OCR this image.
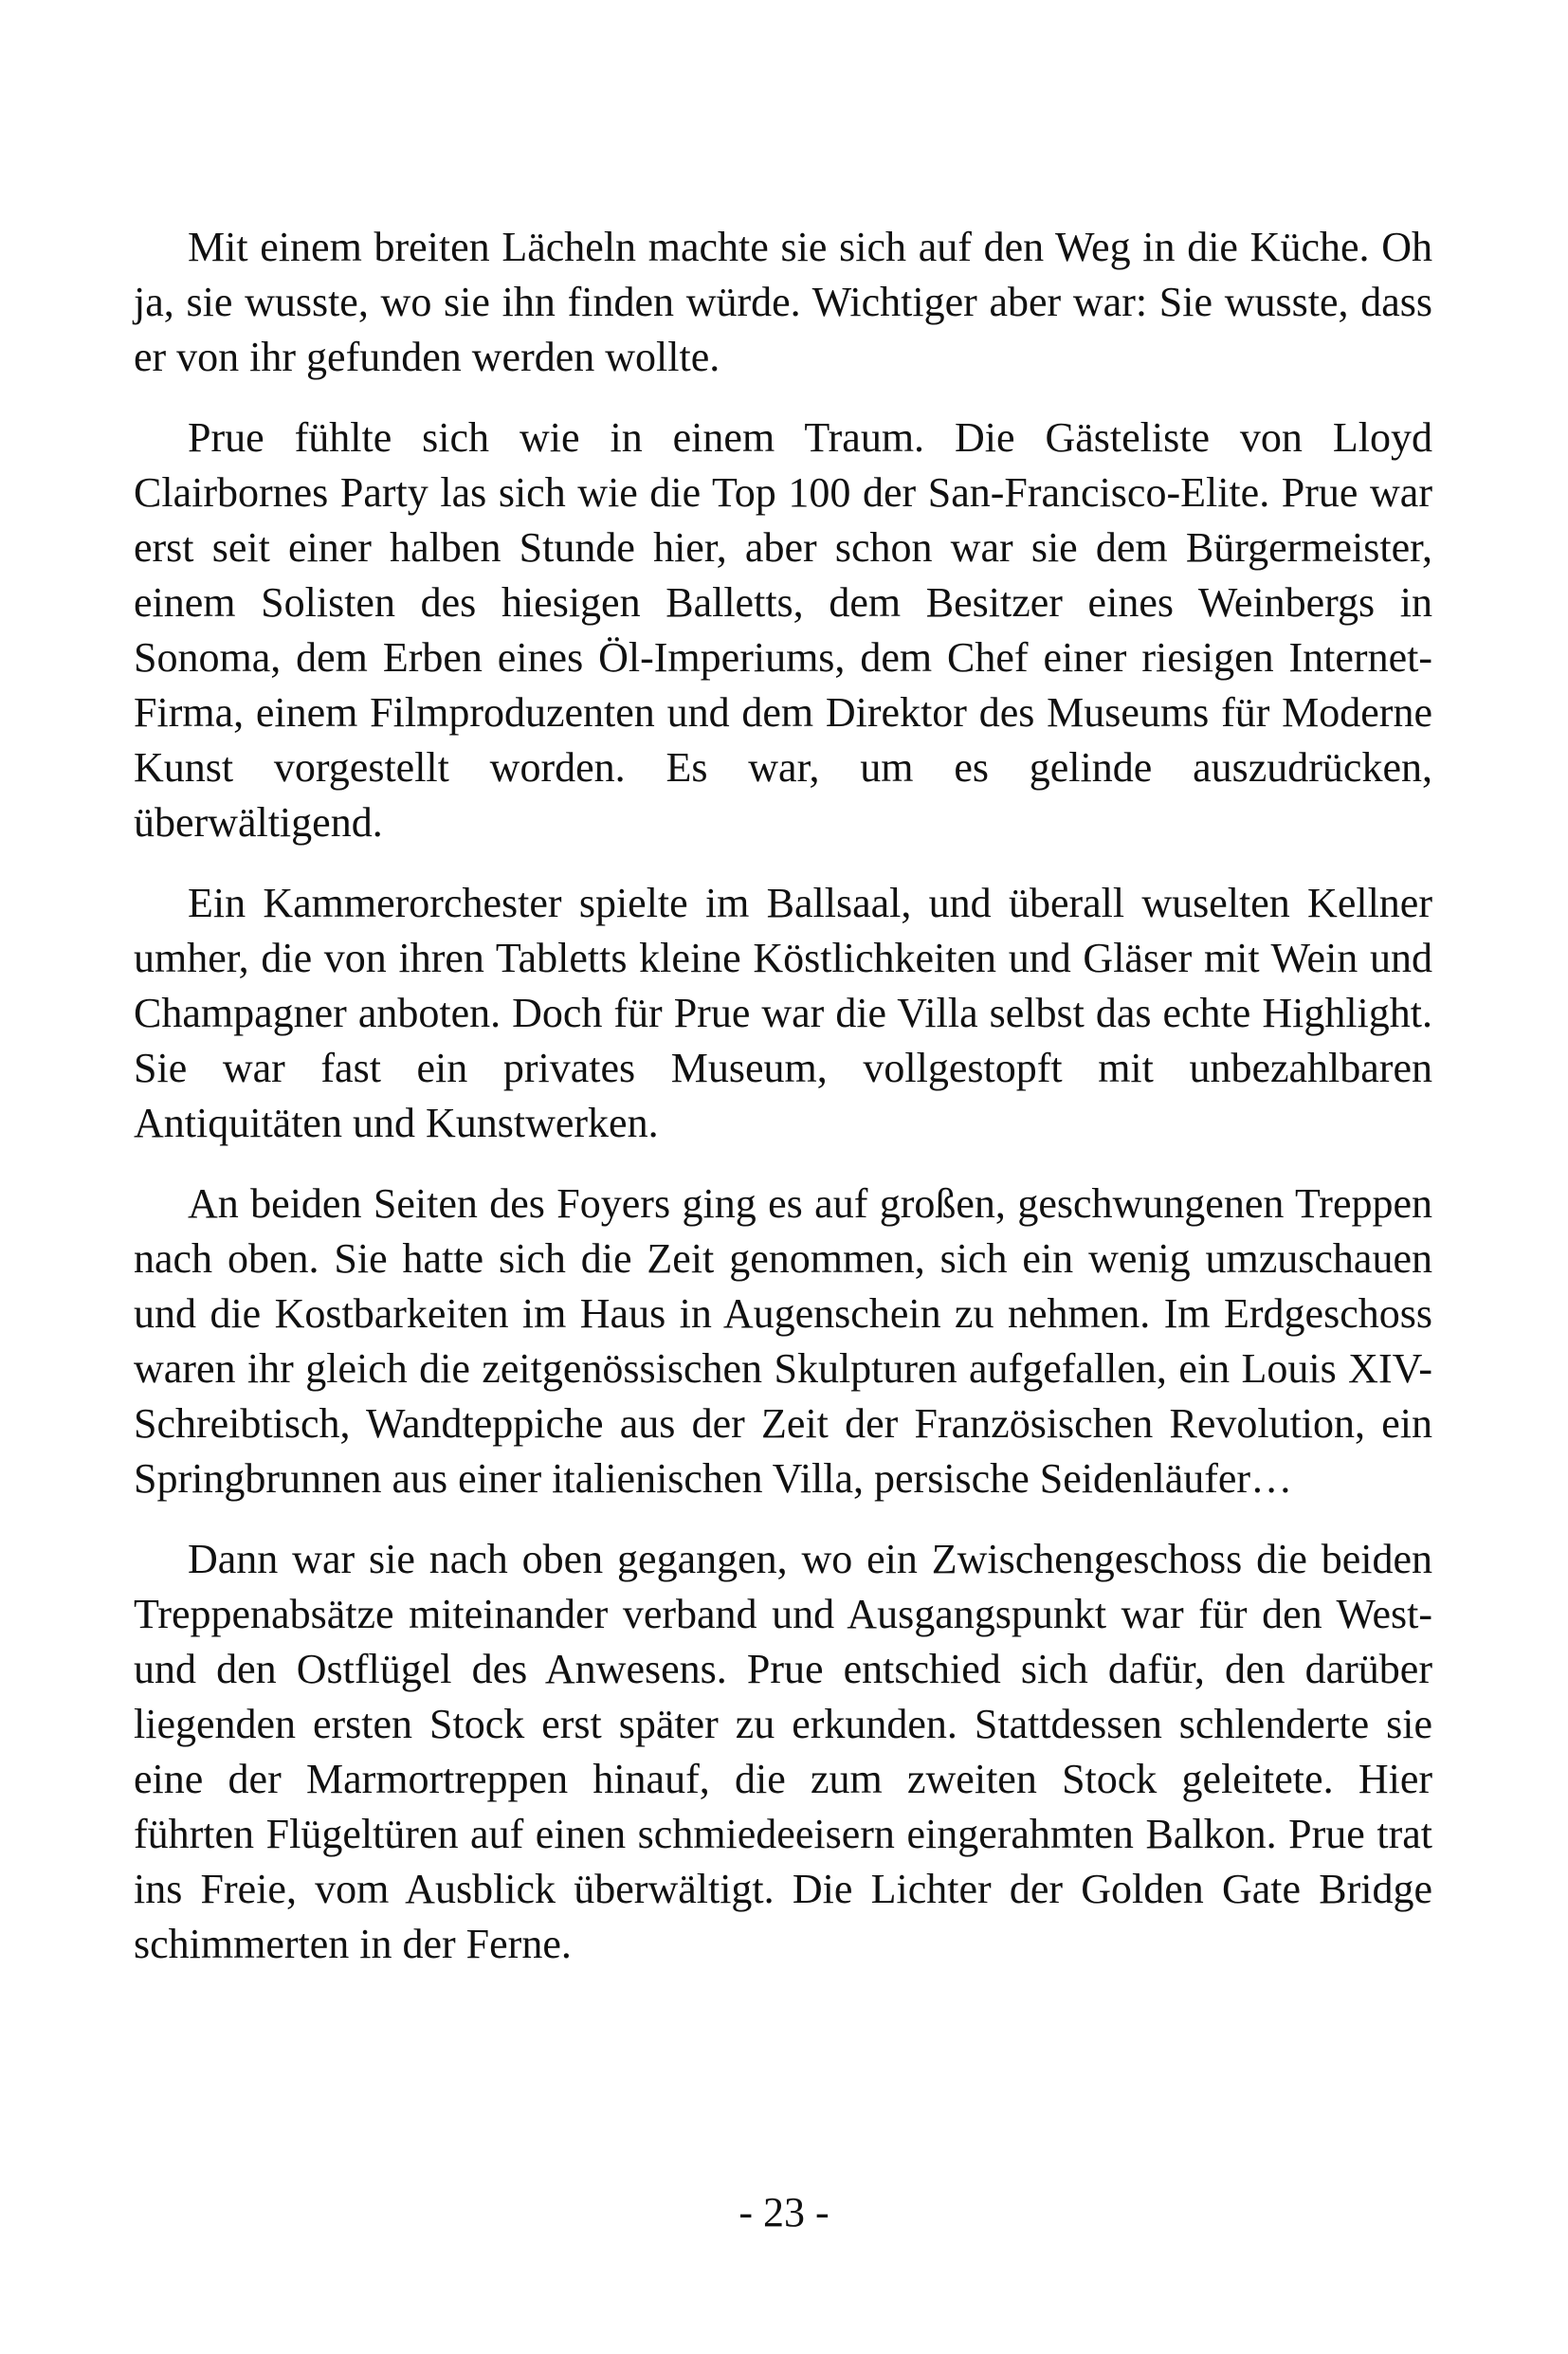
Mit einem breiten Lächeln machte sie sich auf den Weg in die Küche. Oh ja, sie wusste, wo sie ihn finden würde. Wichtiger aber war: Sie wusste, dass er von ihr gefunden werden wollte.

Prue fühlte sich wie in einem Traum. Die Gästeliste von Lloyd Clairbornes Party las sich wie die Top 100 der San-Francisco-Elite. Prue war erst seit einer halben Stunde hier, aber schon war sie dem Bürgermeister, einem Solisten des hiesigen Balletts, dem Besitzer eines Weinbergs in Sonoma, dem Erben eines Öl-Imperiums, dem Chef einer riesigen Internet-Firma, einem Filmproduzenten und dem Direktor des Museums für Moderne Kunst vorgestellt worden. Es war, um es gelinde auszudrücken, überwältigend.

Ein Kammerorchester spielte im Ballsaal, und überall wuselten Kellner umher, die von ihren Tabletts kleine Köstlichkeiten und Gläser mit Wein und Champagner anboten. Doch für Prue war die Villa selbst das echte Highlight. Sie war fast ein privates Museum, vollgestopft mit unbezahlbaren Antiquitäten und Kunstwerken.

An beiden Seiten des Foyers ging es auf großen, geschwungenen Treppen nach oben. Sie hatte sich die Zeit genommen, sich ein wenig umzuschauen und die Kostbarkeiten im Haus in Augenschein zu nehmen. Im Erdgeschoss waren ihr gleich die zeitgenössischen Skulpturen aufgefallen, ein Louis XIV-Schreibtisch, Wandteppiche aus der Zeit der Französischen Revolution, ein Springbrunnen aus einer italienischen Villa, persische Seidenläufer…

Dann war sie nach oben gegangen, wo ein Zwischengeschoss die beiden Treppenabsätze miteinander verband und Ausgangspunkt war für den West- und den Ostflügel des Anwesens. Prue entschied sich dafür, den darüber liegenden ersten Stock erst später zu erkunden. Stattdessen schlenderte sie eine der Marmortreppen hinauf, die zum zweiten Stock geleitete. Hier führten Flügeltüren auf einen schmiedeeisern eingerahmten Balkon. Prue trat ins Freie, vom Ausblick überwältigt. Die Lichter der Golden Gate Bridge schimmerten in der Ferne.

- 23 -
